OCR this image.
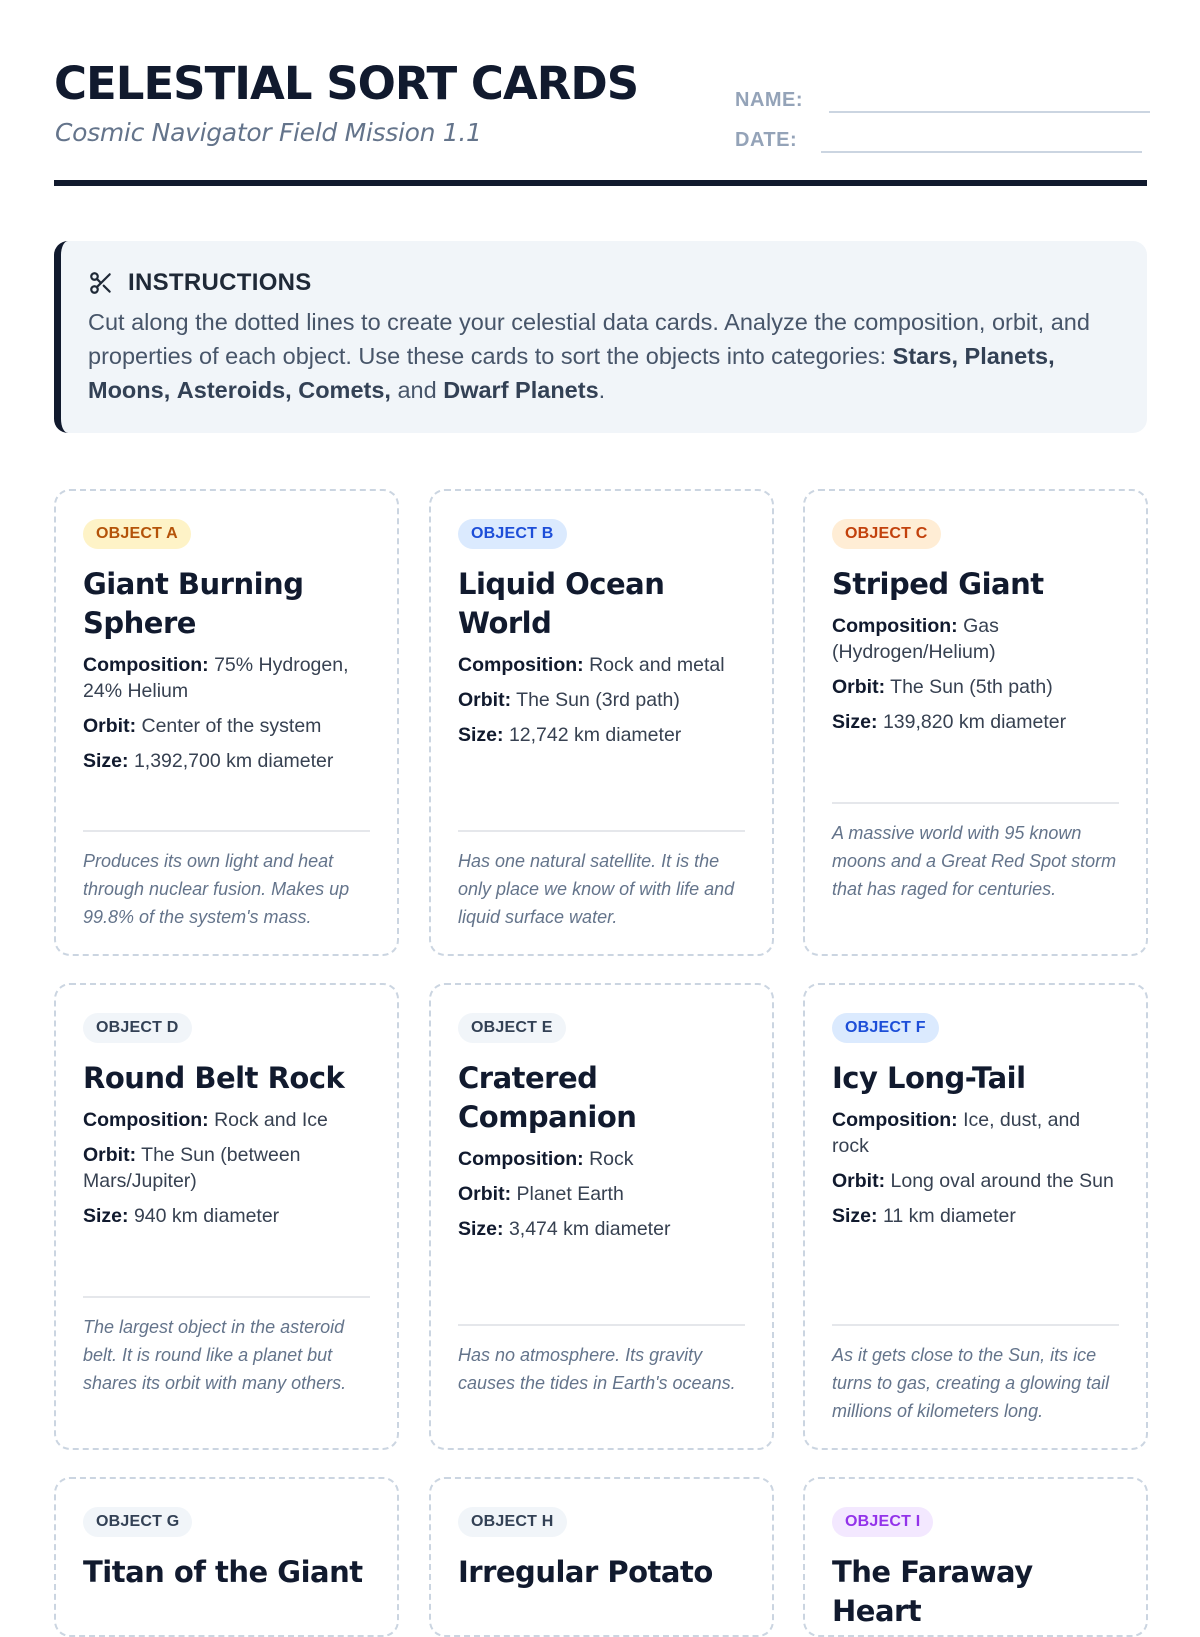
CELESTIAL SORT CARDS
Cosmic Navigator Field Mission 1.1
NAME:
DATE:
INSTRUCTIONS
Cut along the dotted lines to create your celestial data cards. Analyze the composition, orbit, and properties of each object. Use these cards to sort the objects into categories: Stars, Planets, Moons, Asteroids, Comets, and Dwarf Planets.
OBJECT A
Giant Burning Sphere
Composition: 75% Hydrogen, 24% Helium
Orbit: Center of the system
Size: 1,392,700 km diameter
Produces its own light and heat through nuclear fusion. Makes up 99.8% of the system's mass.
OBJECT B
Liquid Ocean World
Composition: Rock and metal
Orbit: The Sun (3rd path)
Size: 12,742 km diameter
Has one natural satellite. It is the only place we know of with life and liquid surface water.
OBJECT C
Striped Giant
Composition: Gas (Hydrogen/Helium)
Orbit: The Sun (5th path)
Size: 139,820 km diameter
A massive world with 95 known moons and a Great Red Spot storm that has raged for centuries.
OBJECT D
Round Belt Rock
Composition: Rock and Ice
Orbit: The Sun (between Mars/Jupiter)
Size: 940 km diameter
The largest object in the asteroid belt. It is round like a planet but shares its orbit with many others.
OBJECT E
Cratered Companion
Composition: Rock
Orbit: Planet Earth
Size: 3,474 km diameter
Has no atmosphere. Its gravity causes the tides in Earth's oceans.
OBJECT F
Icy Long-Tail
Composition: Ice, dust, and rock
Orbit: Long oval around the Sun
Size: 11 km diameter
As it gets close to the Sun, its ice turns to gas, creating a glowing tail millions of kilometers long.
OBJECT G
Titan of the Giant
OBJECT H
Irregular Potato
OBJECT I
The Faraway Heart
